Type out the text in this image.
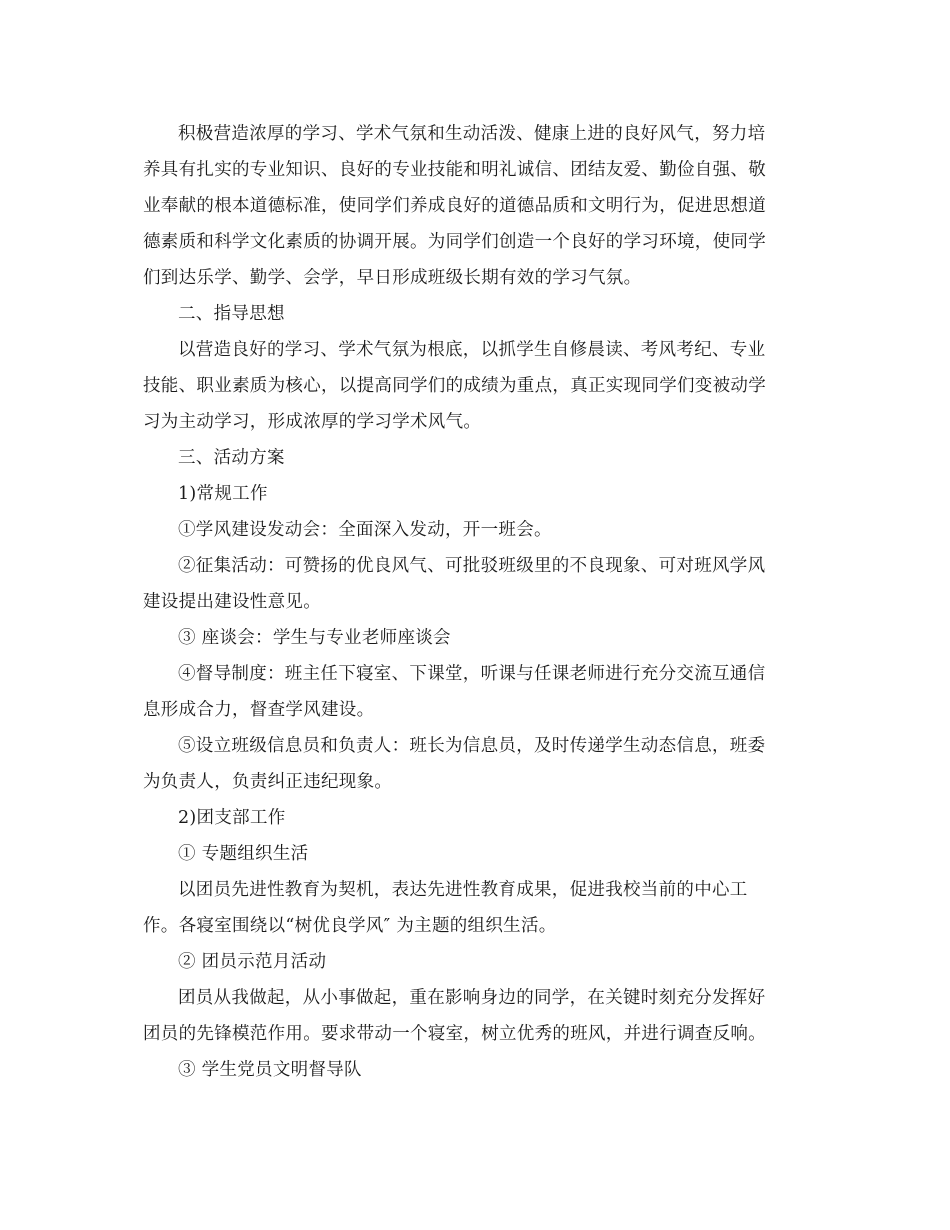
积极营造浓厚的学习、学术气氛和生动活泼、健康上进的良好风气，努力培

养具有扎实的专业知识、良好的专业技能和明礼诚信、团结友爱、勤俭自强、敬

业奉献的根本道德标准，使同学们养成良好的道德品质和文明行为，促进思想道

德素质和科学文化素质的协调开展。为同学们创造一个良好的学习环境，使同学

们到达乐学、勤学、会学，早日形成班级长期有效的学习气氛。

二、指导思想

以营造良好的学习、学术气氛为根底，以抓学生自修晨读、考风考纪、专业

技能、职业素质为核心，以提高同学们的成绩为重点，真正实现同学们变被动学

习为主动学习，形成浓厚的学习学术风气。

三、活动方案

1)常规工作

①学风建设发动会：全面深入发动，开一班会。

②征集活动：可赞扬的优良风气、可批驳班级里的不良现象、可对班风学风

建设提出建设性意见。

③ 座谈会：学生与专业老师座谈会

④督导制度：班主任下寝室、下课堂，听课与任课老师进行充分交流互通信

息形成合力，督查学风建设。

⑤设立班级信息员和负责人：班长为信息员，及时传递学生动态信息，班委

为负责人，负责纠正违纪现象。

2)团支部工作

① 专题组织生活

以团员先进性教育为契机，表达先进性教育成果，促进我校当前的中心工

作。各寝室围绕以“树优良学风″ 为主题的组织生活。

② 团员示范月活动

团员从我做起，从小事做起，重在影响身边的同学，在关键时刻充分发挥好

团员的先锋模范作用。要求带动一个寝室，树立优秀的班风，并进行调查反响。

③ 学生党员文明督导队
